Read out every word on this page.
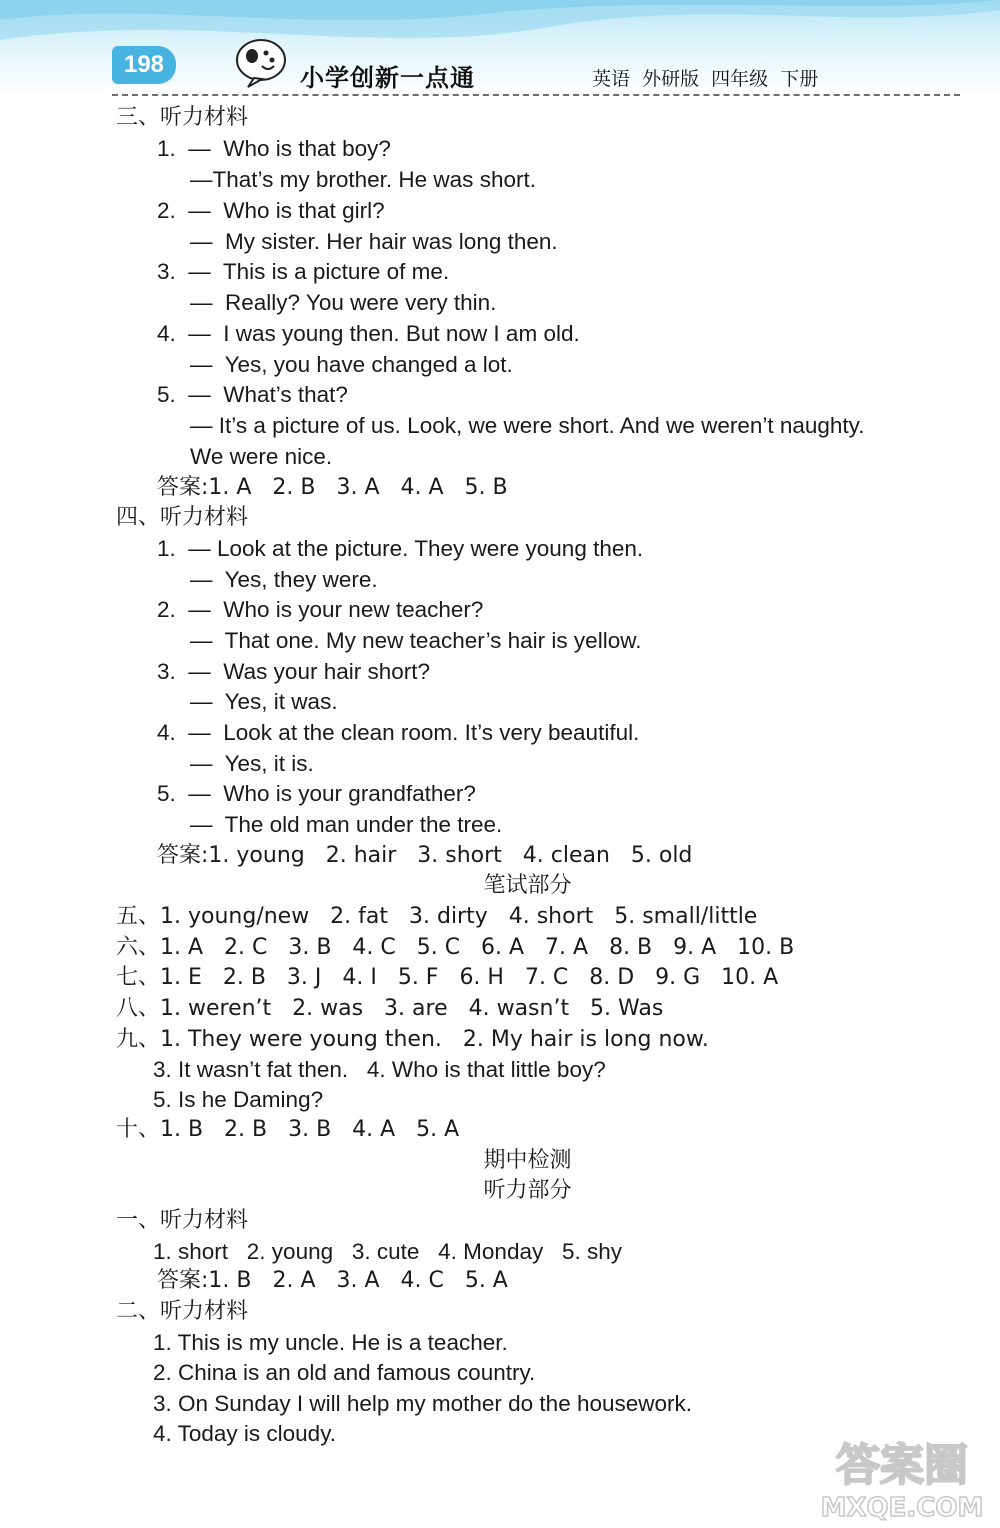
198	小学创新一点通	英语  外研版  四年级  下册
三、听力材料
1.  —  Who is that boy?
—That’s my brother. He was short.
2.  —  Who is that girl?
—  My sister. Her hair was long then.
3.  —  This is a picture of me.
—  Really? You were very thin.
4.  —  I was young then. But now I am old.
—  Yes, you have changed a lot.
5.  —  What’s that?
— It’s a picture of us. Look, we were short. And we weren’t naughty.
We were nice.
答案:1. A   2. B   3. A   4. A   5. B
四、听力材料
1.  — Look at the picture. They were young then.
—  Yes, they were.
2.  —  Who is your new teacher?
—  That one. My new teacher’s hair is yellow.
3.  —  Was your hair short?
—  Yes, it was.
4.  —  Look at the clean room. It’s very beautiful.
—  Yes, it is.
5.  —  Who is your grandfather?
—  The old man under the tree.
答案:1. young   2. hair   3. short   4. clean   5. old
笔试部分
五、1. young/new   2. fat   3. dirty   4. short   5. small/little
六、1. A   2. C   3. B   4. C   5. C   6. A   7. A   8. B   9. A   10. B
七、1. E   2. B   3. J   4. I   5. F   6. H   7. C   8. D   9. G   10. A
八、1. weren’t   2. was   3. are   4. wasn’t   5. Was
九、1. They were young then.   2. My hair is long now.
3. It wasn’t fat then.   4. Who is that little boy?
5. Is he Daming?
十、1. B   2. B   3. B   4. A   5. A
期中检测
听力部分
一、听力材料
1. short   2. young   3. cute   4. Monday   5. shy
答案:1. B   2. A   3. A   4. C   5. A
二、听力材料
1. This is my uncle. He is a teacher.
2. China is an old and famous country.
3. On Sunday I will help my mother do the housework.
4. Today is cloudy.
答案圈
MXQE.COM
